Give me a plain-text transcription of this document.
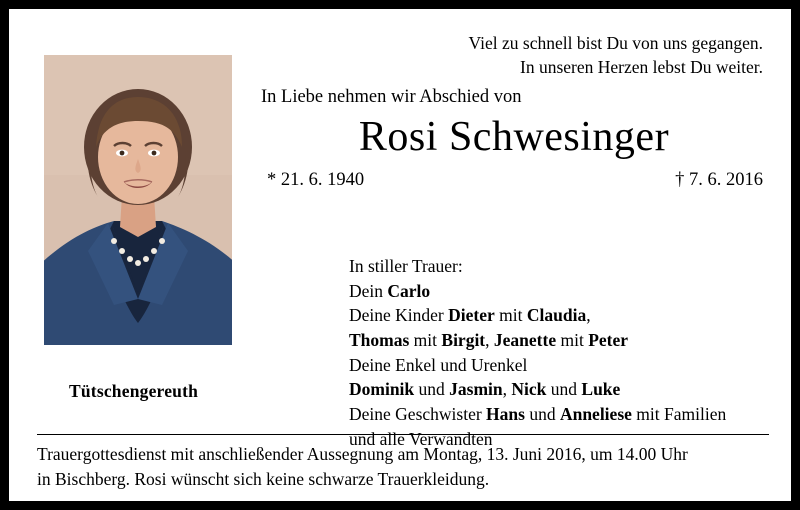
Viel zu schnell bist Du von uns gegangen.
In unseren Herzen lebst Du weiter.
Tütschengereuth
In Liebe nehmen wir Abschied von
Rosi Schwesinger
* 21. 6. 1940	† 7. 6. 2016
In stiller Trauer:
Dein Carlo
Deine Kinder Dieter mit Claudia,
Thomas mit Birgit, Jeanette mit Peter
Deine Enkel und Urenkel
Dominik und Jasmin, Nick und Luke
Deine Geschwister Hans und Anneliese mit Familien
und alle Verwandten
Trauergottesdienst mit anschließender Aussegnung am Montag, 13. Juni 2016, um 14.00 Uhr
in Bischberg. Rosi wünscht sich keine schwarze Trauerkleidung.
